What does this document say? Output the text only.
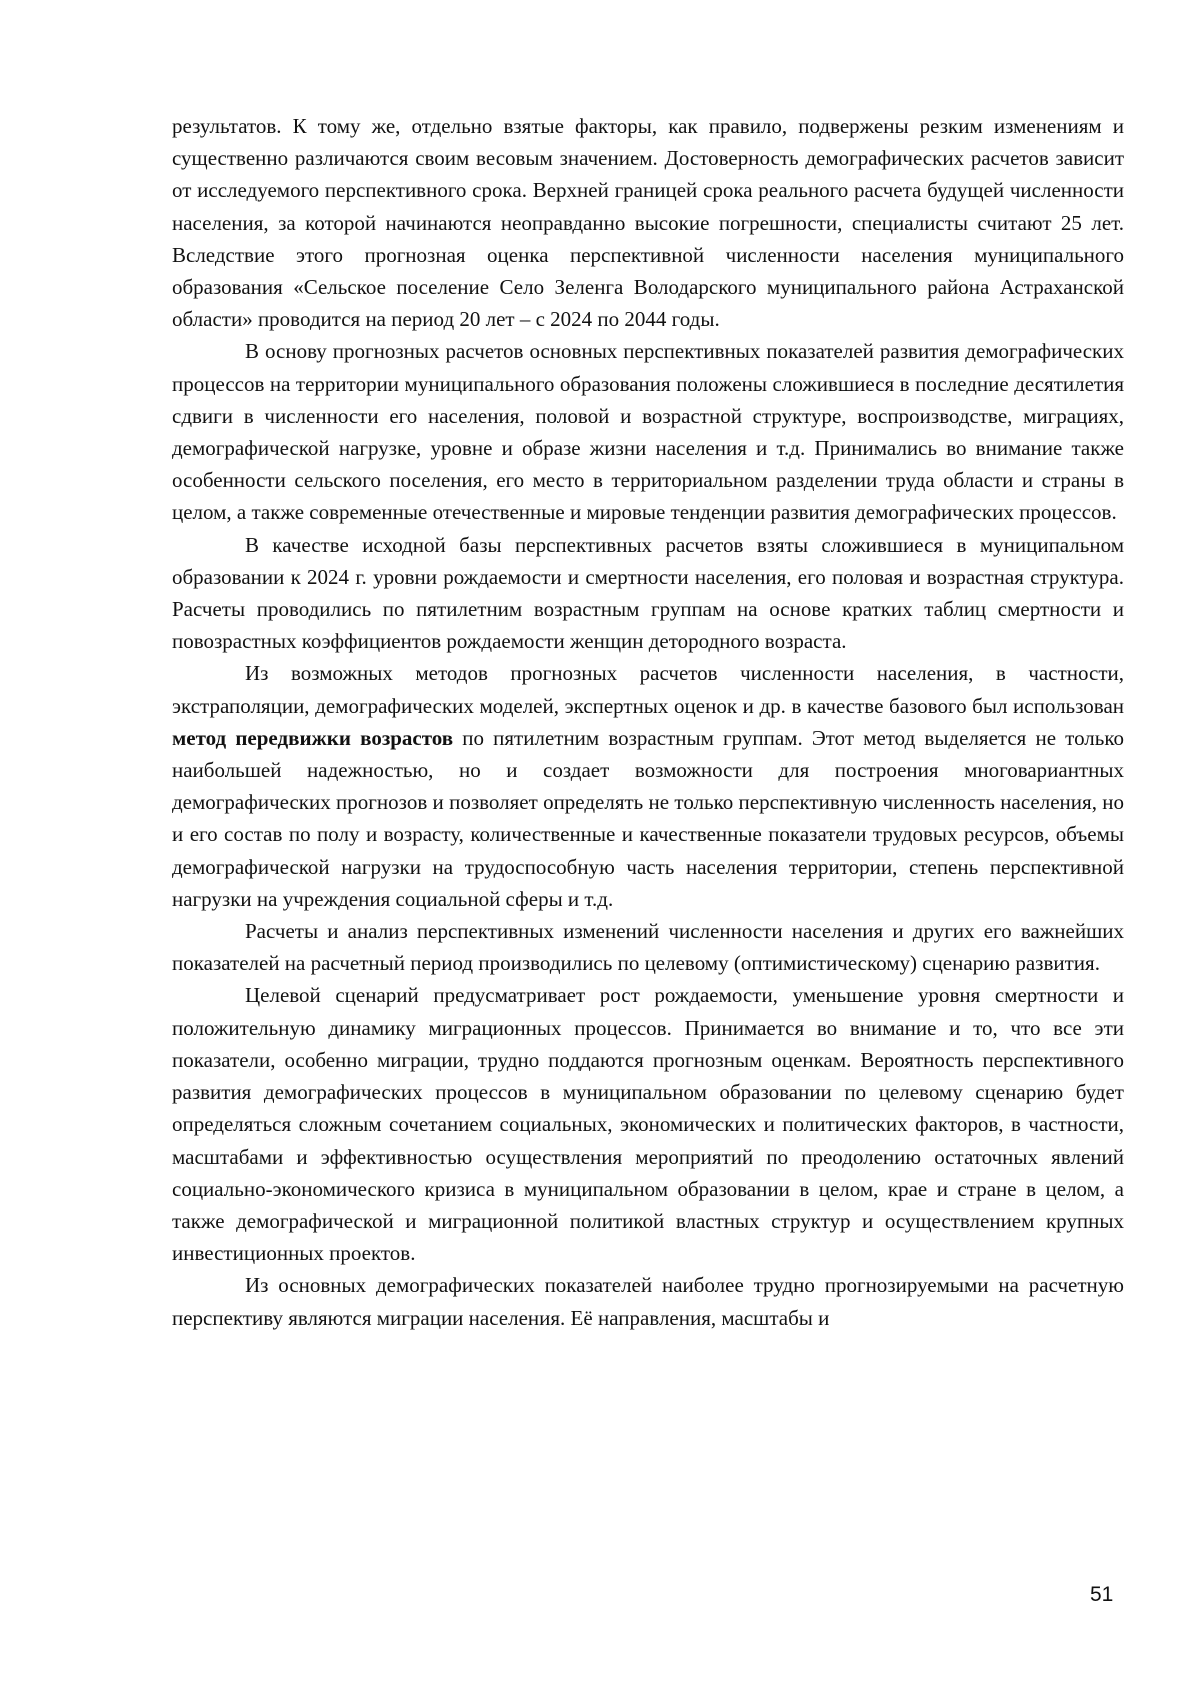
результатов. К тому же, отдельно взятые факторы, как правило, подвержены резким изменениям и существенно различаются своим весовым значением. Достоверность демографических расчетов зависит от исследуемого перспективного срока. Верхней границей срока реального расчета будущей численности населения, за которой начинаются неоправданно высокие погрешности, специалисты считают 25 лет. Вследствие этого прогнозная оценка перспективной численности населения муниципального образования «Сельское поселение Село Зеленга Володарского муниципального района Астраханской области» проводится на период 20 лет – с 2024 по 2044 годы.

В основу прогнозных расчетов основных перспективных показателей развития демографических процессов на территории муниципального образования положены сложившиеся в последние десятилетия сдвиги в численности его населения, половой и возрастной структуре, воспроизводстве, миграциях, демографической нагрузке, уровне и образе жизни населения и т.д. Принимались во внимание также особенности сельского поселения, его место в территориальном разделении труда области и страны в целом, а также современные отечественные и мировые тенденции развития демографических процессов.

В качестве исходной базы перспективных расчетов взяты сложившиеся в муниципальном образовании к 2024 г. уровни рождаемости и смертности населения, его половая и возрастная структура. Расчеты проводились по пятилетним возрастным группам на основе кратких таблиц смертности и повозрастных коэффициентов рождаемости женщин детородного возраста.

Из возможных методов прогнозных расчетов численности населения, в частности, экстраполяции, демографических моделей, экспертных оценок и др. в качестве базового был использован метод передвижки возрастов по пятилетним возрастным группам. Этот метод выделяется не только наибольшей надежностью, но и создает возможности для построения многовариантных демографических прогнозов и позволяет определять не только перспективную численность населения, но и его состав по полу и возрасту, количественные и качественные показатели трудовых ресурсов, объемы демографической нагрузки на трудоспособную часть населения территории, степень перспективной нагрузки на учреждения социальной сферы и т.д.

Расчеты и анализ перспективных изменений численности населения и других его важнейших показателей на расчетный период производились по целевому (оптимистическому) сценарию развития.

Целевой сценарий предусматривает рост рождаемости, уменьшение уровня смертности и положительную динамику миграционных процессов. Принимается во внимание и то, что все эти показатели, особенно миграции, трудно поддаются прогнозным оценкам. Вероятность перспективного развития демографических процессов в муниципальном образовании по целевому сценарию будет определяться сложным сочетанием социальных, экономических и политических факторов, в частности, масштабами и эффективностью осуществления мероприятий по преодолению остаточных явлений социально-экономического кризиса в муниципальном образовании в целом, крае и стране в целом, а также демографической и миграционной политикой властных структур и осуществлением крупных инвестиционных проектов.

Из основных демографических показателей наиболее трудно прогнозируемыми на расчетную перспективу являются миграции населения. Её направления, масштабы и

51
